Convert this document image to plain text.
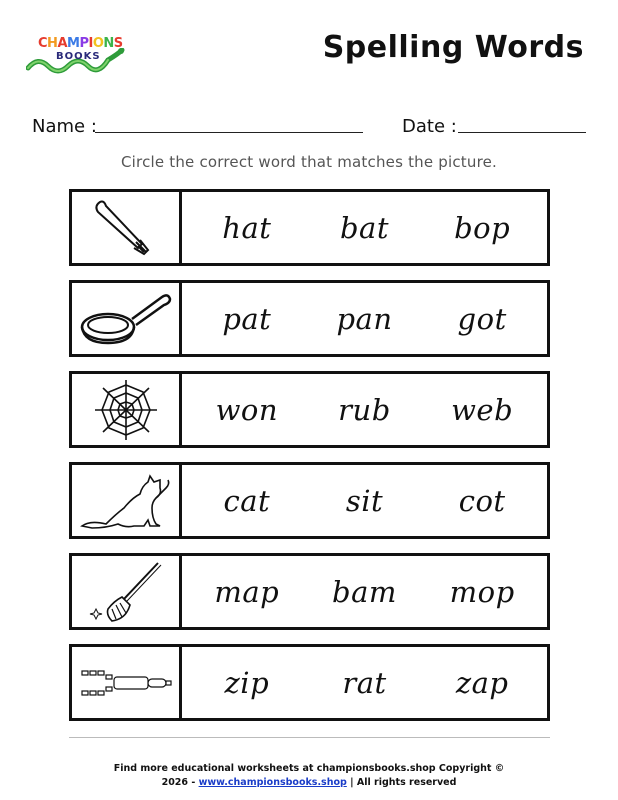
CHAMPIONS
BOOKS	Spelling Words
Name :	Date :
Circle the correct word that matches the picture.
hat	bat	bop
pat	pan	got
won	rub	web
cat	sit	cot
map	bam	mop
zip	rat	zap
Find more educational worksheets at championsbooks.shop Copyright ©
2026 - www.championsbooks.shop | All rights reserved
